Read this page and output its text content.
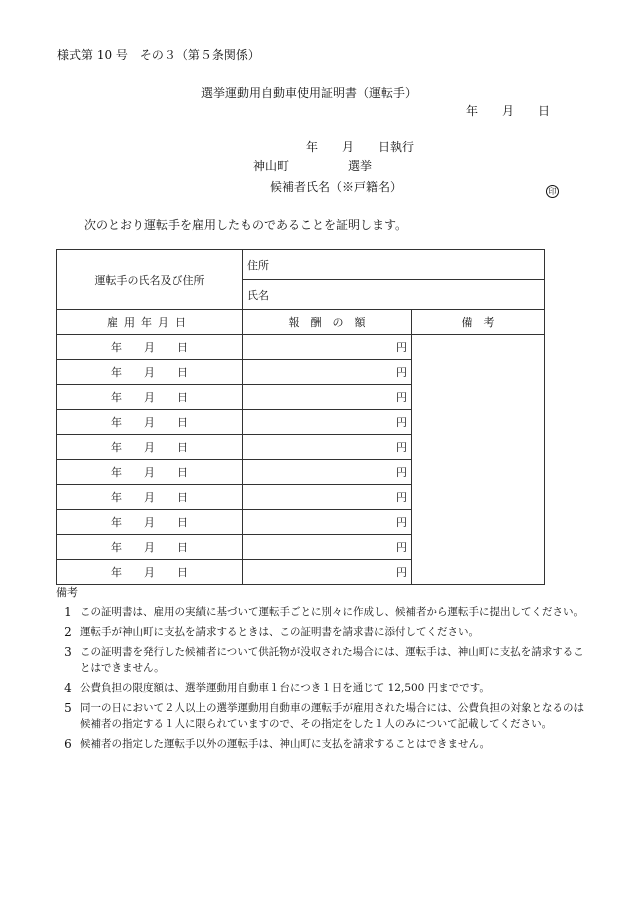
様式第 10 号　その３（第５条関係）
選挙運動用自動車使用証明書（運転手）
年　　月　　日
年　　月　　日執行
神山町	選挙
候補者氏名（※戸籍名）	印
次のとおり運転手を雇用したものであることを証明します。
運転手の氏名及び住所	住所	
	氏名	
雇用年月日	報　酬　の　額	備　考
年　　月　　日	円	
年　　月　　日	円	
年　　月　　日	円	
年　　月　　日	円	
年　　月　　日	円	
年　　月　　日	円	
年　　月　　日	円	
年　　月　　日	円	
年　　月　　日	円	
年　　月　　日	円	
備考
1 この証明書は、雇用の実績に基づいて運転手ごとに別々に作成し、候補者から運転手に提出してください。
2 運転手が神山町に支払を請求するときは、この証明書を請求書に添付してください。
3 この証明書を発行した候補者について供託物が没収された場合には、運転手は、神山町に支払を請求することはできません。
4 公費負担の限度額は、選挙運動用自動車１台につき１日を通じて 12,500 円までです。
5 同一の日において２人以上の選挙運動用自動車の運転手が雇用された場合には、公費負担の対象となるのは候補者の指定する１人に限られていますので、その指定をした１人のみについて記載してください。
6 候補者の指定した運転手以外の運転手は、神山町に支払を請求することはできません。
